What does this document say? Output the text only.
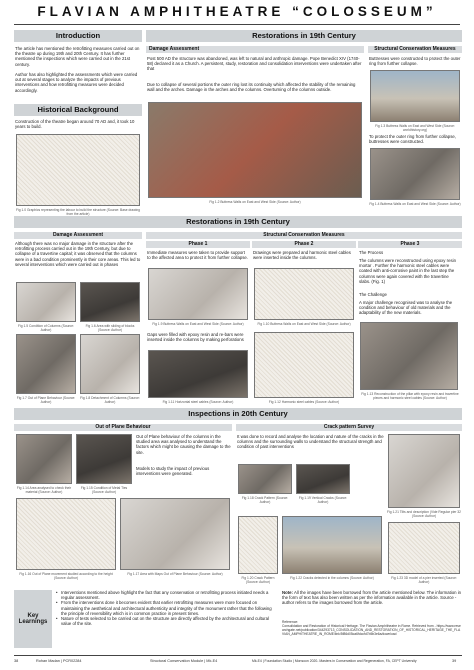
FLAVIAN AMPHITHEATRE “COLOSSEUM”
Introduction
The article has mentioned the retrofitting measures carried out on the theatre up during 19th and 20th Century. It has further mentioned the inspections which were carried out in the 21st century.
Author has also highlighted the assessments which were carried out at several stages to analyze the impacts of previous interventions and how retrofitting measures were decided accordingly.
Historical Background
Construction of the theatre began around 70 AD and, it took 10 years to build.
Fig 1.0 Graphics representing the labour to build the structure (Source: Base drawing from the article)
Restorations in 19th Century
Damage Assessment
Post 500 AD the structure was abandoned, was left to natural and anthropic damage. Pope Benedict XIV (1740-58) declared it as a Church. A persistent, study, restoration and consolidation interventions were undertaken after that
Due to collapse of several portions the outer ring lost its continuity which affected the stability of the remaining wall and the arches. Damage in the arches and the columns. Overturning of the columns outside.
Fig 1.2 Buttress Walls on East and West Side (Source: Author)
Structural Conservation Measures
Buttresses were constructed to protect the outer ring from further collapse.
Fig 1.3 Buttress Walls on East and West Side (Source: worldhistory.org)
To protect the outer ring from further collapse, buttresses were constructed.
Fig 1.4 Buttress Walls on East and West Side (Source: Author)
Restorations in 19th Century
Damage Assessment
Although there was no major damage in the structure after the retrofitting process carried out in the 19th Century, but due to collapse of a travertine capital; it was observed that the columns were in a bad condition prominently in their core areas. This led to several interventions which were carried out in phases
Fig 1.5 Condition of Columns (Source: Author)
Fig 1.6 Area with sliding of blocks (Source: Author)
Fig 1.7 Out of Plane Behaviour (Source: Author)
Fig 1.8 Detachment of Columns (Source: Author)
Structural Conservation Measures
Phase 1
Immediate measures were taken to provide support to the affected area to protect it from further collapse.
Fig 1.9 Buttress Walls on East and West Side (Source: Author)
Gaps were filled with epoxy resin and re-bars were inserted inside the columns by making perforations
Fig 1.11 Horizontal steel cables (Source: Author)
Phase 2
Drawings were prepared and harmonic steel cables were inserted inside the columns.
Fig 1.10 Buttress Walls on East and West Side (Source: Author)
Fig 1.12 Harmonic steel cables (Source: Author)
Phase 3
The Process
The columns were reconstructed using epoxy resin mortar . Further the harmonic steel cables were coated with anti-corrosive paint in the last step the columns were again covered with the travertine slabs. (Fig. 1)
The Challenge
A major challenge recognised was to analyse the condition and behaviour of old materials and the adaptability of the new materials.
Fig 1.13 Reconstruction of the pillar with epoxy resin and travertine pieces and harmonic steel cables (Source: Author)
Inspections in 20th Century
Out of Plane Behaviour
Out of Plane behaviour of the columns in the studied area was analysed to understand the factors which might be causing the damage to the site.
Models to study the impact of previous interventions were generated.
Fig 1.14 Area analysed to check their material (Source: Author)
Fig 1.15 Condition of Metal Ties (Source: Author)
Fig 1.16 Out of Plane movement studied according to the height (Source: Author)
Fig 1.17 Area with Maps Out of Plane Behaviour (Source: Author)
Crack pattern Survey
It was done to record and analyse the location and nature of the cracks in the columns and the surrounding walls to understand the structural strength and condition of past interventions
Fig 1.18 Crack Pattern (Source: Author)
Fig 1.19 Vertical Cracks (Source: Author)
Fig 1.21 Tilts and description (Vide Regular pier 32 (Source: Author)
Fig 1.20 Crack Pattern (Source: Author)
Fig 1.22 Cracks detected in the columns (Source: Author)	Fig 1.23 3D model of a pier inserted (Source: Author)
Key Learnings
• Interventions mentioned above highlight the fact that any conservation or retrofitting process initiated needs a regular assessment.
• From the interventions done it becomes evident that earlier retrofitting measures were more focused on maintaining the aesthetical and architectural authenticity and integrity of the monument rather that the following the principle of reversibility which is in common practice in present times.
• Nature of tests selected to be carried out on the structure are directly affected by the architectural and cultural value of the site.
Note: All the images have been borrowed from the article mentioned below. The information in the form of text has also been written as per the information available in the article. Source - author refers to the images borrowed from the article.
Reference:
Consolidation and Restoration of Historical Heritage. The Flavian Amphitheatre in Rome. Retrieved from - https://www.researchgate.net/publication/344293713_CONSOLIDATION_AND_RESTORATION_OF_HISTORICAL_HERITAGE_THE_FLAVIAN_AMPHITHEATRE_IN_ROME/link/5f86d05ca6fdccfd7b5b3e6a/download
38	Rohan Madan | PCR02284	Structural Conservation Module | Mk-E4	Mk-E4 | Foundation Studio | Monsoon 2020- Masters in Conservation and Regeneration, FA, CEPT University	39
